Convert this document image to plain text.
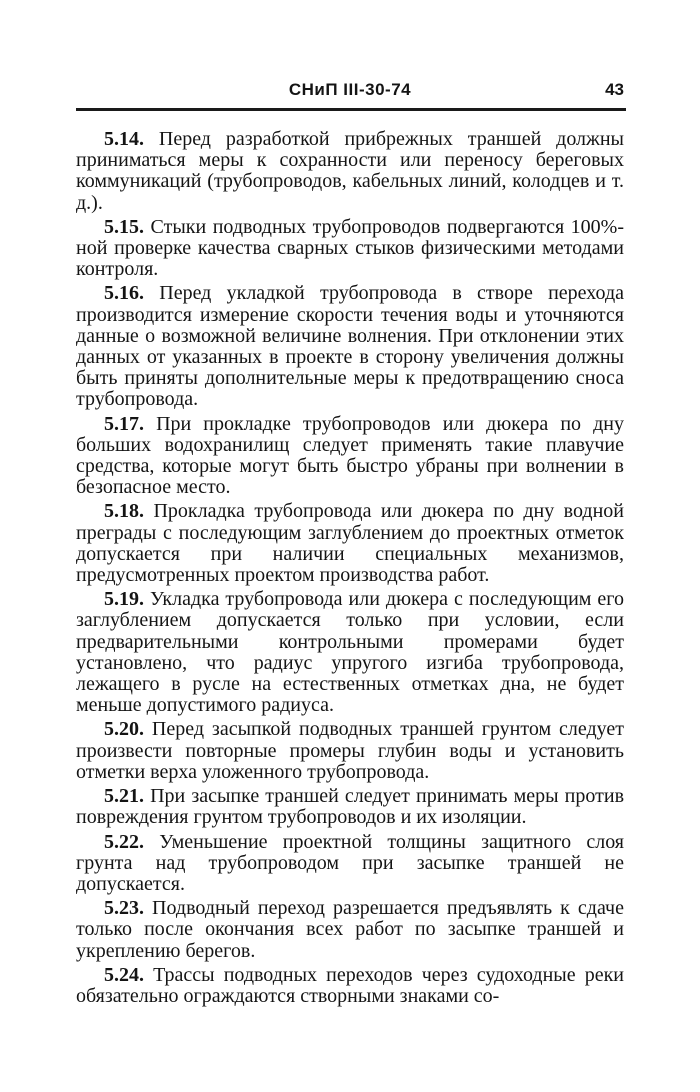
СНиП III-30-74	43

5.14. Перед разработкой прибрежных траншей должны приниматься меры к сохранности или переносу береговых коммуникаций (трубопроводов, кабельных линий, колодцев и т. д.).

5.15. Стыки подводных трубопроводов подвергаются 100%-ной проверке качества сварных стыков физическими методами контроля.

5.16. Перед укладкой трубопровода в створе перехода производится измерение скорости течения воды и уточняются данные о возможной величине волнения. При отклонении этих данных от указанных в проекте в сторону увеличения должны быть приняты дополнительные меры к предотвращению сноса трубопровода.

5.17. При прокладке трубопроводов или дюкера по дну больших водохранилищ следует применять такие плавучие средства, которые могут быть быстро убраны при волнении в безопасное место.

5.18. Прокладка трубопровода или дюкера по дну водной преграды с последующим заглублением до проектных отметок допускается при наличии специальных механизмов, предусмотренных проектом производства работ.

5.19. Укладка трубопровода или дюкера с последующим его заглублением допускается только при условии, если предварительными контрольными промерами будет установлено, что радиус упругого изгиба трубопровода, лежащего в русле на естественных отметках дна, не будет меньше допустимого радиуса.

5.20. Перед засыпкой подводных траншей грунтом следует произвести повторные промеры глубин воды и установить отметки верха уложенного трубопровода.

5.21. При засыпке траншей следует принимать меры против повреждения грунтом трубопроводов и их изоляции.

5.22. Уменьшение проектной толщины защитного слоя грунта над трубопроводом при засыпке траншей не допускается.

5.23. Подводный переход разрешается предъявлять к сдаче только после окончания всех работ по засыпке траншей и укреплению берегов.

5.24. Трассы подводных переходов через судоходные реки обязательно ограждаются створными знаками со-
